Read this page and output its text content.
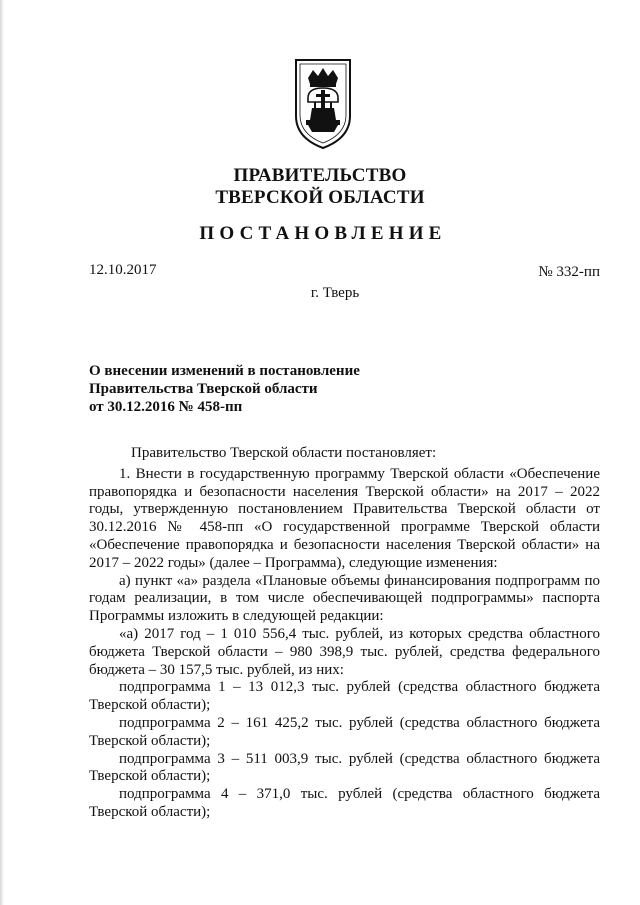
ПРАВИТЕЛЬСТВО
ТВЕРСКОЙ ОБЛАСТИ
ПОСТАНОВЛЕНИЕ
12.10.2017	№ 332-пп
г. Тверь
О внесении изменений в постановление
Правительства Тверской области
от 30.12.2016 № 458-пп

Правительство Тверской области постановляет:

1. Внести в государственную программу Тверской области «Обеспечение правопорядка и безопасности населения Тверской области» на 2017 – 2022 годы, утвержденную постановлением Правительства Тверской области от 30.12.2016 № 458-пп «О государственной программе Тверской области «Обеспечение правопорядка и безопасности населения Тверской области» на 2017 – 2022 годы» (далее – Программа), следующие изменения:

а) пункт «а» раздела «Плановые объемы финансирования подпрограмм по годам реализации, в том числе обеспечивающей подпрограммы» паспорта Программы изложить в следующей редакции:

«а) 2017 год – 1 010 556,4 тыс. рублей, из которых средства областного бюджета Тверской области – 980 398,9 тыс. рублей, средства федерального бюджета – 30 157,5 тыс. рублей, из них:

подпрограмма 1 – 13 012,3 тыс. рублей (средства областного бюджета Тверской области);

подпрограмма 2 – 161 425,2 тыс. рублей (средства областного бюджета Тверской области);

подпрограмма 3 – 511 003,9 тыс. рублей (средства областного бюджета Тверской области);

подпрограмма 4 – 371,0 тыс. рублей (средства областного бюджета Тверской области);
